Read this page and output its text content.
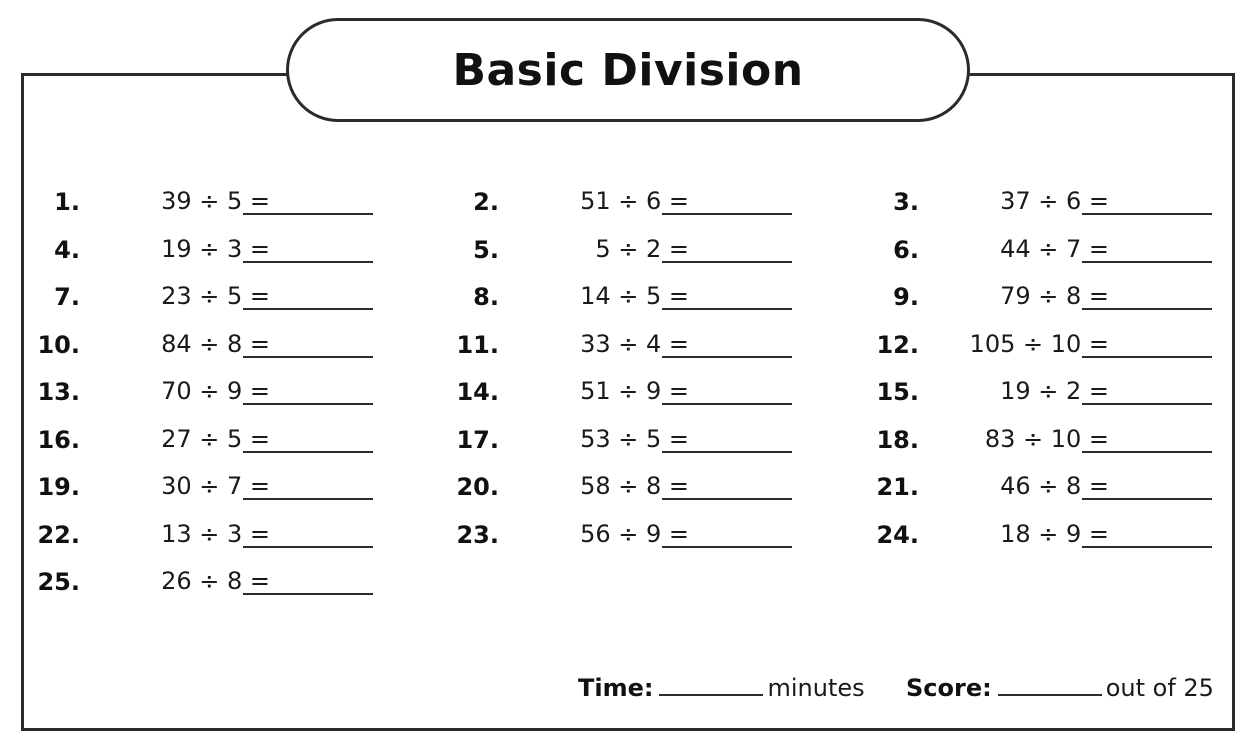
Basic Division
1.	39 ÷ 5 =	2.	51 ÷ 6 =	3.	37 ÷ 6 =
4.	19 ÷ 3 =	5.	5 ÷ 2 =	6.	44 ÷ 7 =
7.	23 ÷ 5 =	8.	14 ÷ 5 =	9.	79 ÷ 8 =
10.	84 ÷ 8 =	11.	33 ÷ 4 =	12.	105 ÷ 10 =
13.	70 ÷ 9 =	14.	51 ÷ 9 =	15.	19 ÷ 2 =
16.	27 ÷ 5 =	17.	53 ÷ 5 =	18.	83 ÷ 10 =
19.	30 ÷ 7 =	20.	58 ÷ 8 =	21.	46 ÷ 8 =
22.	13 ÷ 3 =	23.	56 ÷ 9 =	24.	18 ÷ 9 =
25.	26 ÷ 8 =
Time:	minutes Score:	out of 25
